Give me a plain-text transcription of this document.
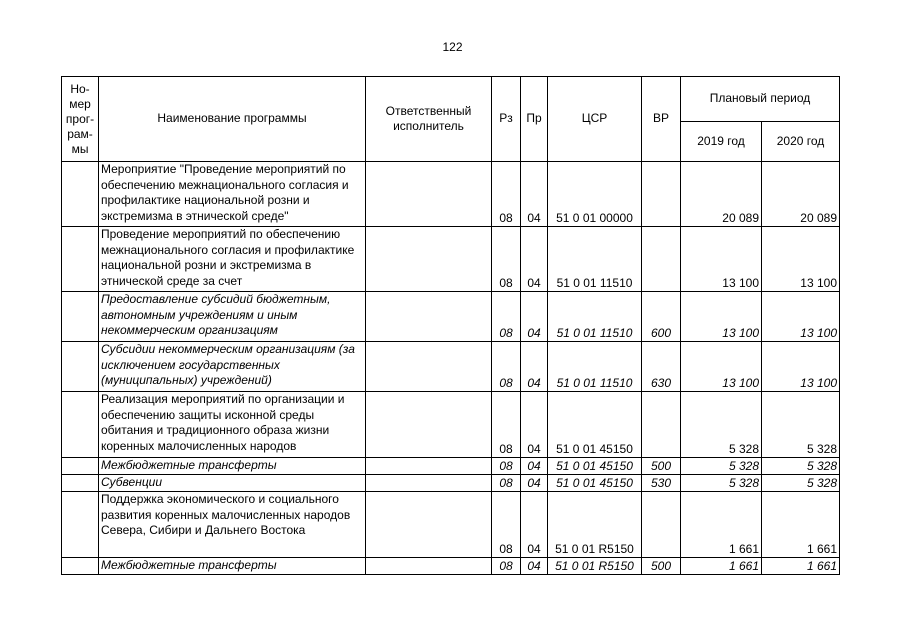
122
Но-мер прог-рам-мы	Наименование программы	Ответственный исполнитель	Рз	Пр	ЦСР	ВР	Плановый период	
							2019 год	2020 год
	Мероприятие "Проведение мероприятий по обеспечению межнационального согласия и профилактике национальной розни и экстремизма в этнической среде"		08	04	51 0 01 00000		20 089	20 089
	Проведение мероприятий по обеспечению межнационального согласия и профилактике национальной розни и экстремизма в этнической среде за счет		08	04	51 0 01 11510		13 100	13 100
	Предоставление субсидий бюджетным, автономным учреждениям и иным некоммерческим организациям		08	04	51 0 01 11510	600	13 100	13 100
	Субсидии некоммерческим организациям (за исключением государственных (муниципальных) учреждений)		08	04	51 0 01 11510	630	13 100	13 100
	Реализация мероприятий по организации и обеспечению защиты исконной среды обитания и традиционного образа жизни коренных малочисленных народов		08	04	51 0 01 45150		5 328	5 328
	Межбюджетные трансферты		08	04	51 0 01 45150	500	5 328	5 328
	Субвенции		08	04	51 0 01 45150	530	5 328	5 328
	Поддержка экономического и социального развития коренных малочисленных народов Севера, Сибири и Дальнего Востока		08	04	51 0 01 R5150		1 661	1 661
	Межбюджетные трансферты		08	04	51 0 01 R5150	500	1 661	1 661
